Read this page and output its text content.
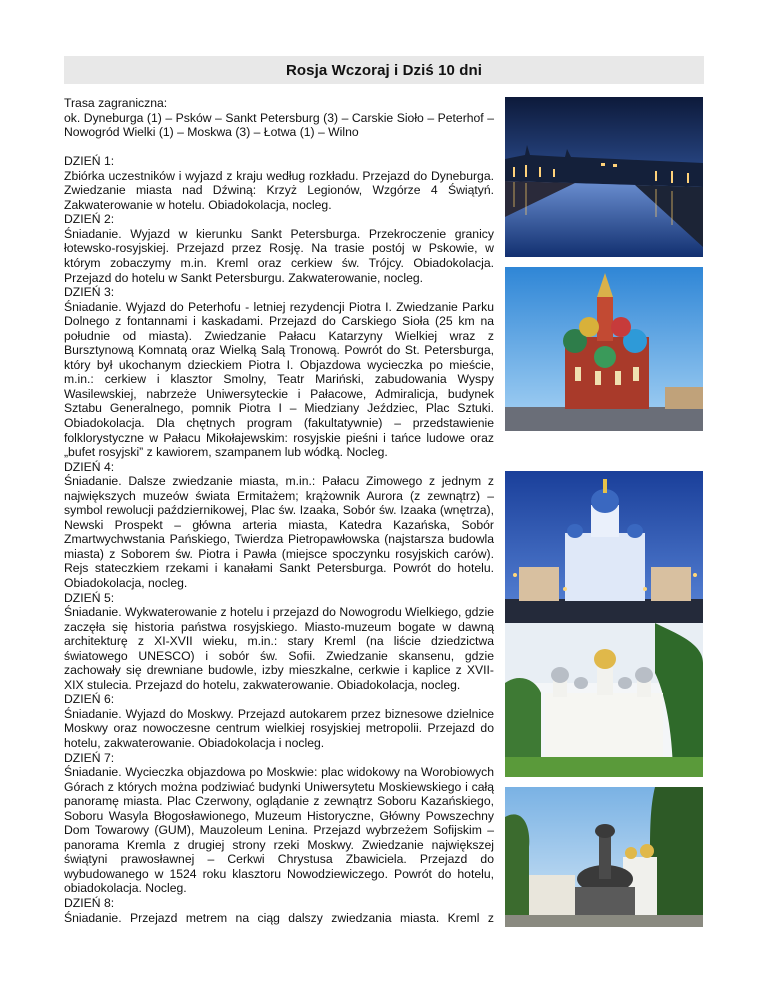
Rosja Wczoraj i Dziś 10 dni

Trasa zagraniczna:

ok. Dyneburga (1) – Psków – Sankt Petersburg (3) – Carskie Sioło – Peterhof – Nowogród Wielki (1) – Moskwa (3) – Łotwa (1) – Wilno

DZIEŃ 1:

Zbiórka uczestników i wyjazd z kraju według rozkładu. Przejazd do Dyneburga. Zwiedzanie miasta nad Dźwiną: Krzyż Legionów, Wzgórze 4 Świątyń. Zakwaterowanie w hotelu. Obiadokolacja, nocleg.

DZIEŃ 2:

Śniadanie. Wyjazd w kierunku Sankt Petersburga. Przekroczenie granicy łotewsko-rosyjskiej. Przejazd przez Rosję. Na trasie postój w Pskowie, w którym zobaczymy m.in. Kreml oraz cerkiew św. Trójcy. Obiadokolacja. Przejazd do hotelu w Sankt Petersburgu. Zakwaterowanie, nocleg.

DZIEŃ 3:

Śniadanie. Wyjazd do Peterhofu - letniej rezydencji Piotra I. Zwiedzanie Parku Dolnego z fontannami i kaskadami. Przejazd do Carskiego Sioła (25 km na południe od miasta). Zwiedzanie Pałacu Katarzyny Wielkiej wraz z Bursztynową Komnatą oraz Wielką Salą Tronową. Powrót do St. Petersburga, który był ukochanym dzieckiem Piotra I. Objazdowa wycieczka po mieście, m.in.: cerkiew i klasztor Smolny, Teatr Mariński, zabudowania Wyspy Wasilewskiej, nabrzeże Uniwersyteckie i Pałacowe, Admiralicja, budynek Sztabu Generalnego, pomnik Piotra I – Miedziany Jeździec, Plac Sztuki. Obiadokolacja. Dla chętnych program (fakultatywnie) – przedstawienie folklorystyczne w Pałacu Mikołajewskim: rosyjskie pieśni i tańce ludowe oraz „bufet rosyjski” z kawiorem, szampanem lub wódką. Nocleg.

DZIEŃ 4:

Śniadanie. Dalsze zwiedzanie miasta, m.in.: Pałacu Zimowego z jednym z największych muzeów świata Ermitażem; krążownik Aurora (z zewnątrz) – symbol rewolucji październikowej, Plac św. Izaaka, Sobór św. Izaaka (wnętrza), Newski Prospekt – główna arteria miasta, Katedra Kazańska, Sobór Zmartwychwstania Pańskiego, Twierdza Pietropawłowska (najstarsza budowla miasta) z Soborem św. Piotra i Pawła (miejsce spoczynku rosyjskich carów). Rejs stateczkiem rzekami i kanałami Sankt Petersburga. Powrót do hotelu. Obiadokolacja, nocleg.

DZIEŃ 5:

Śniadanie. Wykwaterowanie z hotelu i przejazd do Nowogrodu Wielkiego, gdzie zaczęła się historia państwa rosyjskiego. Miasto-muzeum bogate w dawną architekturę z XI-XVII wieku, m.in.: stary Kreml (na liście dziedzictwa światowego UNESCO) i sobór św. Sofii. Zwiedzanie skansenu, gdzie zachowały się drewniane budowle, izby mieszkalne, cerkwie i kaplice z XVII-XIX stulecia. Przejazd do hotelu, zakwaterowanie. Obiadokolacja, nocleg.

DZIEŃ 6:

Śniadanie. Wyjazd do Moskwy. Przejazd autokarem przez biznesowe dzielnice Moskwy oraz nowoczesne centrum wielkiej rosyjskiej metropolii. Przejazd do hotelu, zakwaterowanie. Obiadokolacja i nocleg.

DZIEŃ 7:

Śniadanie. Wycieczka objazdowa po Moskwie: plac widokowy na Worobiowych Górach z których można podziwiać budynki Uniwersytetu Moskiewskiego i całą panoramę miasta. Plac Czerwony, oglądanie z zewnątrz Soboru Kazańskiego, Soboru Wasyla Błogosławionego, Muzeum Historyczne, Główny Powszechny Dom Towarowy (GUM), Mauzoleum Lenina. Przejazd wybrzeżem Sofijskim – panorama Kremla z drugiej strony rzeki Moskwy. Zwiedzanie największej świątyni prawosławnej – Cerkwi Chrystusa Zbawiciela. Przejazd do wybudowanego w 1524 roku klasztoru Nowodziewiczego. Powrót do hotelu, obiadokolacja. Nocleg.

DZIEŃ 8:

Śniadanie. Przejazd metrem na ciąg dalszy zwiedzania miasta. Kreml z
